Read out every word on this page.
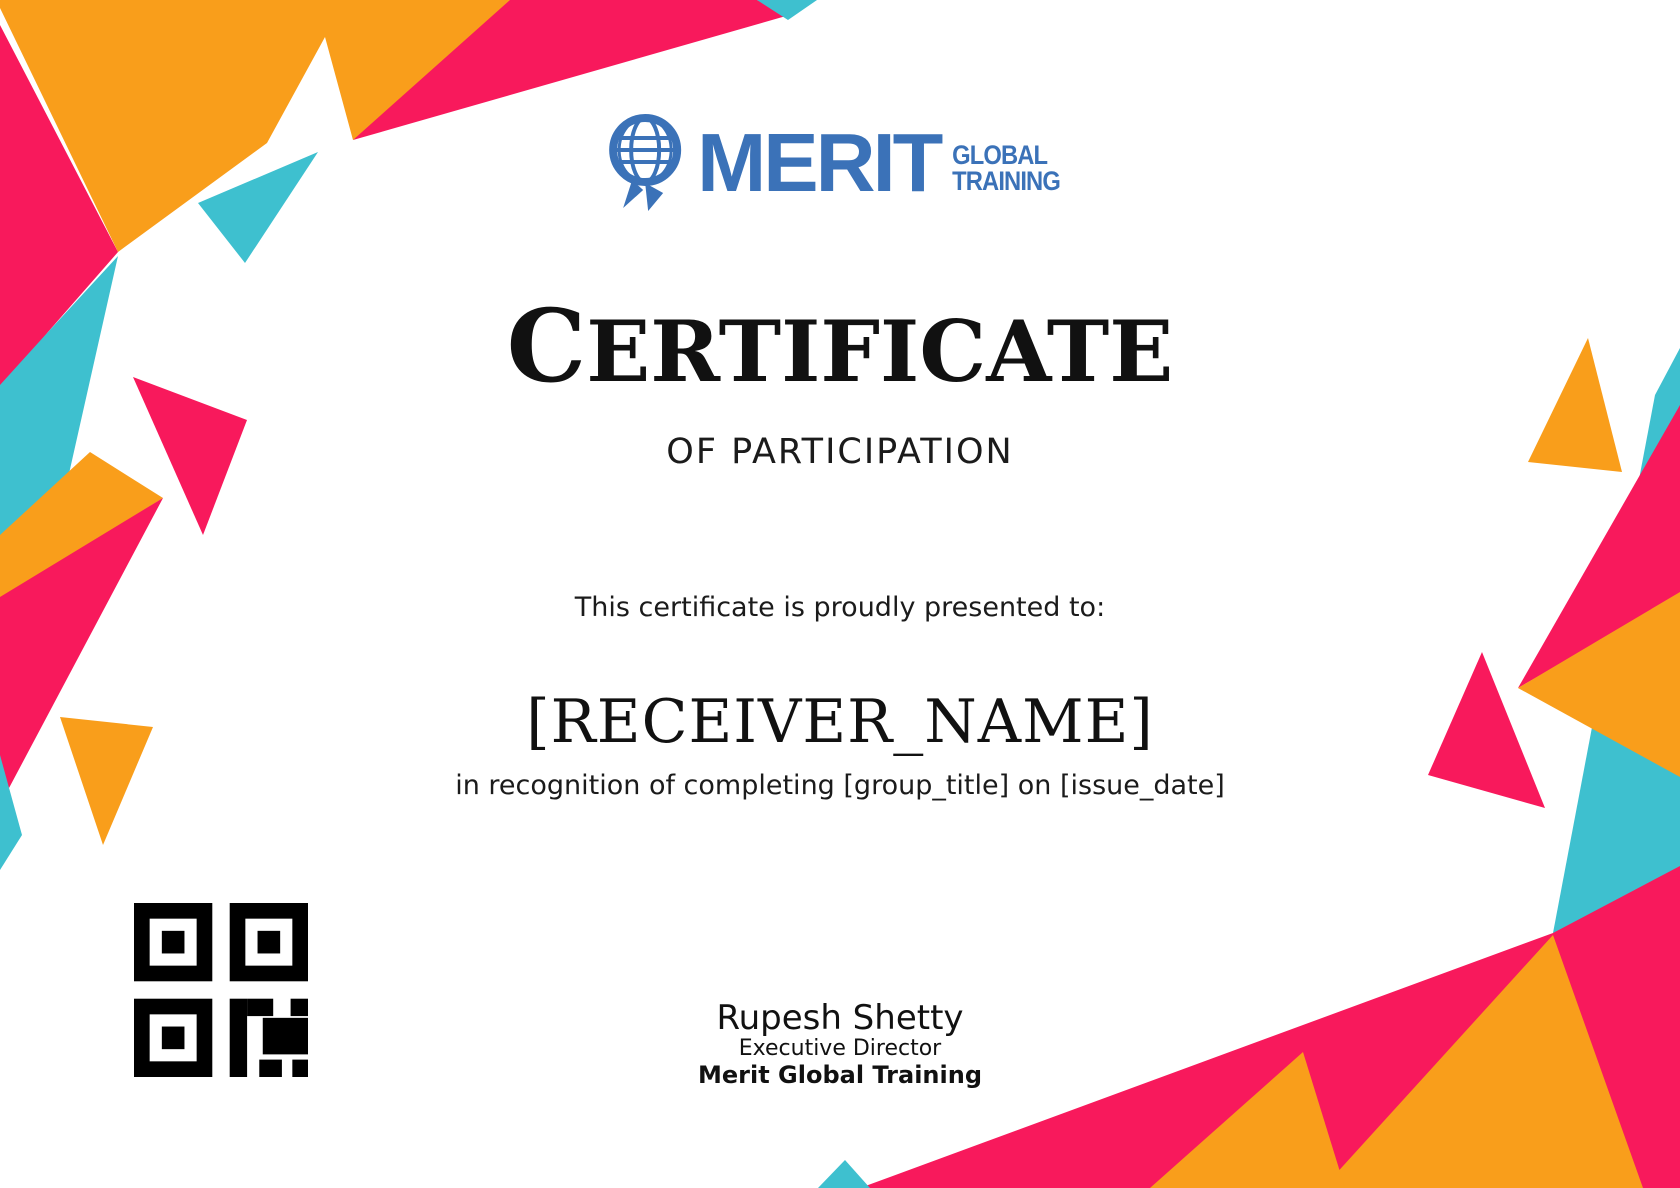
MERIT GLOBAL
TRAINING
CERTIFICATE
OF PARTICIPATION
This certificate is proudly presented to:
[RECEIVER_NAME]
in recognition of completing [group_title] on [issue_date]
Rupesh Shetty
Executive Director
Merit Global Training
